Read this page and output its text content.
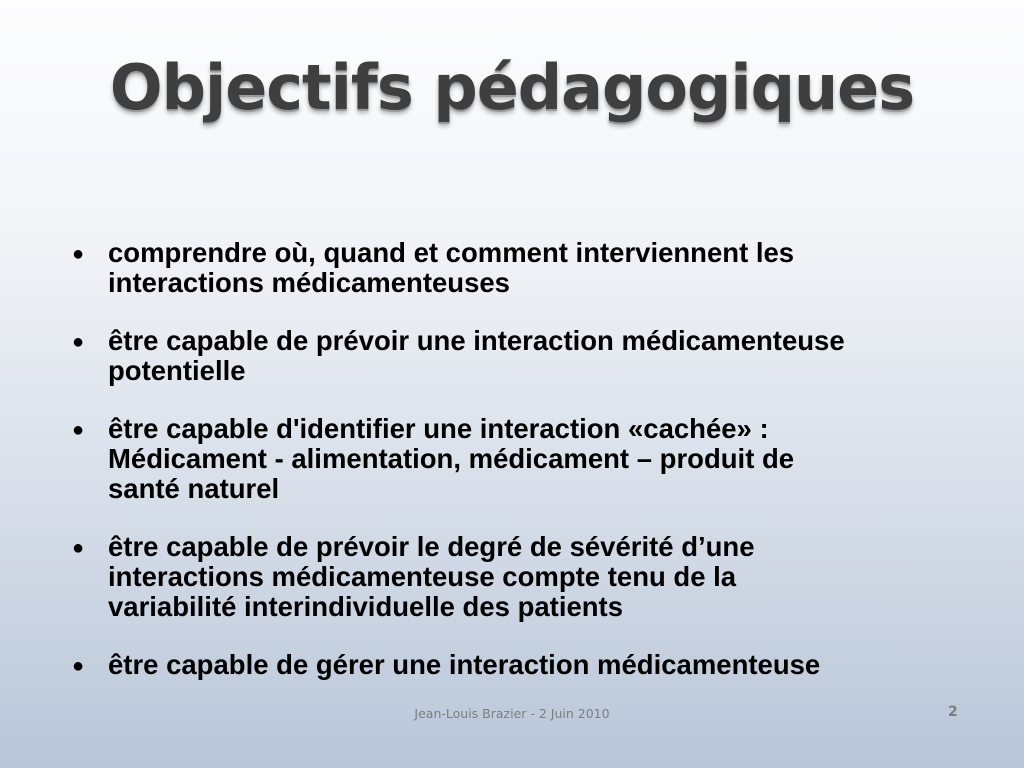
Objectifs pédagogiques
● comprendre où, quand et comment interviennent les
interactions médicamenteuses
● être capable de prévoir une interaction médicamenteuse
potentielle
● être capable d'identifier une interaction «cachée» :
Médicament - alimentation, médicament – produit de
santé naturel
● être capable de prévoir le degré de sévérité d’une
interactions médicamenteuse compte tenu de la
variabilité interindividuelle des patients
● être capable de gérer une interaction médicamenteuse
Jean-Louis Brazier - 2 Juin 2010	2
